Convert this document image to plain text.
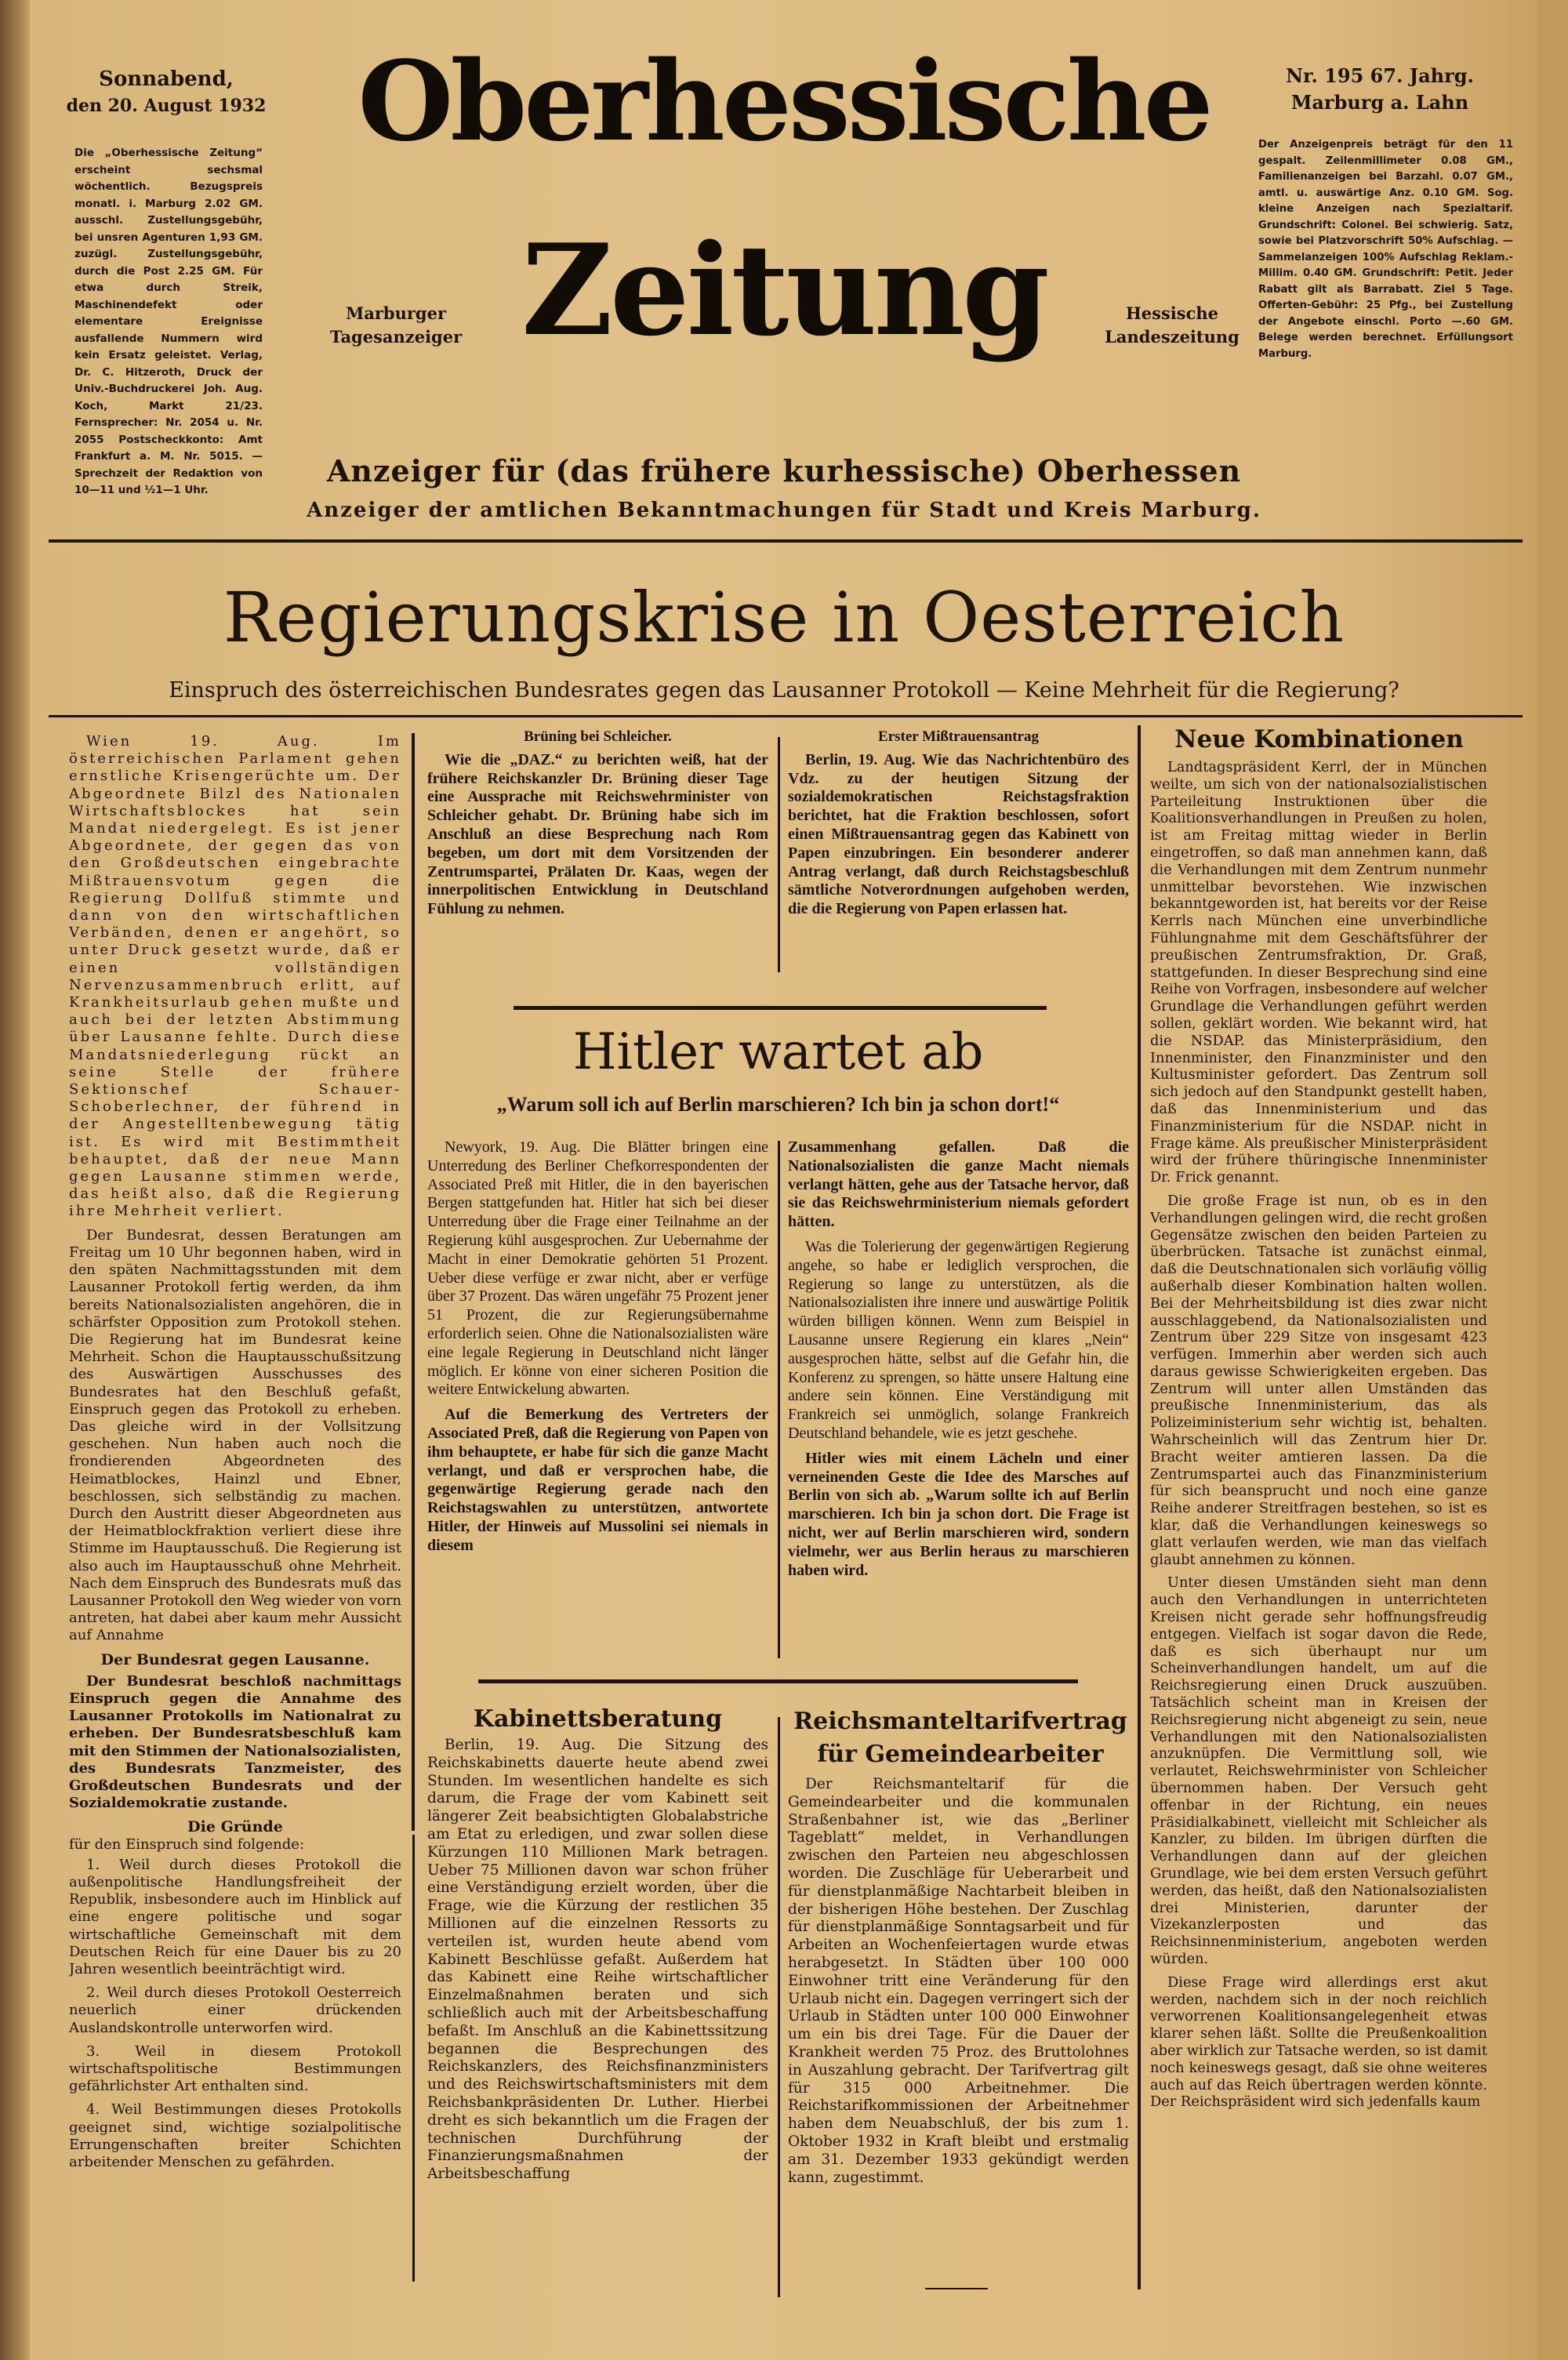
Sonnabend,
den 20. August 1932
Die „Oberhessische Zeitung“ erscheint sechsmal wöchentlich. Bezugspreis monatl. i. Marburg 2.02 GM. ausschl. Zustellungsgebühr, bei unsren Agenturen 1,93 GM. zuzügl. Zustellungsgebühr, durch die Post 2.25 GM. Für etwa durch Streik, Maschinendefekt oder elementare Ereignisse ausfallende Nummern wird kein Ersatz geleistet. Verlag, Dr. C. Hitzeroth, Druck der Univ.-Buchdruckerei Joh. Aug. Koch, Markt 21/23. Fernsprecher: Nr. 2054 u. Nr. 2055 Postscheckkonto: Amt Frankfurt a. M. Nr. 5015. — Sprechzeit der Redaktion von 10—11 und ½1—1 Uhr.
Oberhessische
Zeitung
Marburger
Tagesanzeiger
Hessische
Landeszeitung
Nr. 195 67. Jahrg.
Marburg a. Lahn
Der Anzeigenpreis beträgt für den 11 gespalt. Zeilenmillimeter 0.08 GM., Familienanzeigen bei Barzahl. 0.07 GM., amtl. u. auswärtige Anz. 0.10 GM. Sog. kleine Anzeigen nach Spezialtarif. Grundschrift: Colonel. Bei schwierig. Satz, sowie bei Platzvorschrift 50% Aufschlag. — Sammelanzeigen 100% Aufschlag Reklam.-Millim. 0.40 GM. Grundschrift: Petit. Jeder Rabatt gilt als Barrabatt. Ziel 5 Tage. Offerten-Gebühr: 25 Pfg., bei Zustellung der Angebote einschl. Porto —.60 GM. Belege werden berechnet. Erfüllungsort Marburg.
Anzeiger für (das frühere kurhessische) Oberhessen
Anzeiger der amtlichen Bekanntmachungen für Stadt und Kreis Marburg.
Regierungskrise in Oesterreich
Einspruch des österreichischen Bundesrates gegen das Lausanner Protokoll — Keine Mehrheit für die Regierung?

Wien 19. Aug. Im österreichischen Parlament gehen ernstliche Krisengerüchte um. Der Abgeordnete Bilzl des Nationalen Wirtschaftsblockes hat sein Mandat niedergelegt. Es ist jener Abgeordnete, der gegen das von den Großdeutschen eingebrachte Mißtrauensvotum gegen die Regierung Dollfuß stimmte und dann von den wirtschaftlichen Verbänden, denen er angehört, so unter Druck gesetzt wurde, daß er einen vollständigen Nervenzusammenbruch erlitt, auf Krankheitsurlaub gehen mußte und auch bei der letzten Abstimmung über Lausanne fehlte. Durch diese Mandatsniederlegung rückt an seine Stelle der frühere Sektionschef Schauer-Schoberlechner, der führend in der Angestelltenbewegung tätig ist. Es wird mit Bestimmtheit behauptet, daß der neue Mann gegen Lausanne stimmen werde, das heißt also, daß die Regierung ihre Mehrheit verliert.

Der Bundesrat, dessen Beratungen am Freitag um 10 Uhr begonnen haben, wird in den späten Nachmittagsstunden mit dem Lausanner Protokoll fertig werden, da ihm bereits Nationalsozialisten angehören, die in schärfster Opposition zum Protokoll stehen. Die Regierung hat im Bundesrat keine Mehrheit. Schon die Hauptausschußsitzung des Auswärtigen Ausschusses des Bundesrates hat den Beschluß gefaßt, Einspruch gegen das Protokoll zu erheben. Das gleiche wird in der Vollsitzung geschehen. Nun haben auch noch die frondierenden Abgeordneten des Heimatblockes, Hainzl und Ebner, beschlossen, sich selbständig zu machen. Durch den Austritt dieser Abgeordneten aus der Heimatblockfraktion verliert diese ihre Stimme im Hauptausschuß. Die Regierung ist also auch im Hauptausschuß ohne Mehrheit. Nach dem Einspruch des Bundesrats muß das Lausanner Protokoll den Weg wieder von vorn antreten, hat dabei aber kaum mehr Aussicht auf Annahme

Der Bundesrat gegen Lausanne.

Der Bundesrat beschloß nachmittags Einspruch gegen die Annahme des Lausanner Protokolls im Nationalrat zu erheben. Der Bundesratsbeschluß kam mit den Stimmen der Nationalsozialisten, des Bundesrats Tanzmeister, des Großdeutschen Bundesrats und der Sozialdemokratie zustande.

Die Gründe
für den Einspruch sind folgende:

1. Weil durch dieses Protokoll die außenpolitische Handlungsfreiheit der Republik, insbesondere auch im Hinblick auf eine engere politische und sogar wirtschaftliche Gemeinschaft mit dem Deutschen Reich für eine Dauer bis zu 20 Jahren wesentlich beeinträchtigt wird.

2. Weil durch dieses Protokoll Oesterreich neuerlich einer drückenden Auslandskontrolle unterworfen wird.

3. Weil in diesem Protokoll wirtschaftspolitische Bestimmungen gefährlichster Art enthalten sind.

4. Weil Bestimmungen dieses Protokolls geeignet sind, wichtige sozialpolitische Errungenschaften breiter Schichten arbeitender Menschen zu gefährden.

Brüning bei Schleicher.

Wie die „DAZ.“ zu berichten weiß, hat der frühere Reichskanzler Dr. Brüning dieser Tage eine Aussprache mit Reichswehrminister von Schleicher gehabt. Dr. Brüning habe sich im Anschluß an diese Besprechung nach Rom begeben, um dort mit dem Vorsitzenden der Zentrumspartei, Prälaten Dr. Kaas, wegen der innerpolitischen Entwicklung in Deutschland Fühlung zu nehmen.

Erster Mißtrauensantrag

Berlin, 19. Aug. Wie das Nachrichtenbüro des Vdz. zu der heutigen Sitzung der sozialdemokratischen Reichstagsfraktion berichtet, hat die Fraktion beschlossen, sofort einen Mißtrauensantrag gegen das Kabinett von Papen einzubringen. Ein besonderer anderer Antrag verlangt, daß durch Reichstagsbeschluß sämtliche Notverordnungen aufgehoben werden, die die Regierung von Papen erlassen hat.

Hitler wartet ab
„Warum soll ich auf Berlin marschieren? Ich bin ja schon dort!“

Newyork, 19. Aug. Die Blätter bringen eine Unterredung des Berliner Chefkorrespondenten der Associated Preß mit Hitler, die in den bayerischen Bergen stattgefunden hat. Hitler hat sich bei dieser Unterredung über die Frage einer Teilnahme an der Regierung kühl ausgesprochen. Zur Uebernahme der Macht in einer Demokratie gehörten 51 Prozent. Ueber diese verfüge er zwar nicht, aber er verfüge über 37 Prozent. Das wären ungefähr 75 Prozent jener 51 Prozent, die zur Regierungsübernahme erforderlich seien. Ohne die Nationalsozialisten wäre eine legale Regierung in Deutschland nicht länger möglich. Er könne von einer sicheren Position die weitere Entwickelung abwarten.

Auf die Bemerkung des Vertreters der Associated Preß, daß die Regierung von Papen von ihm behauptete, er habe für sich die ganze Macht verlangt, und daß er versprochen habe, die gegenwärtige Regierung gerade nach den Reichstagswahlen zu unterstützen, antwortete Hitler, der Hinweis auf Mussolini sei niemals in diesem

Zusammenhang gefallen. Daß die Nationalsozialisten die ganze Macht niemals verlangt hätten, gehe aus der Tatsache hervor, daß sie das Reichswehrministerium niemals gefordert hätten.

Was die Tolerierung der gegenwärtigen Regierung angehe, so habe er lediglich versprochen, die Regierung so lange zu unterstützen, als die Nationalsozialisten ihre innere und auswärtige Politik würden billigen können. Wenn zum Beispiel in Lausanne unsere Regierung ein klares „Nein“ ausgesprochen hätte, selbst auf die Gefahr hin, die Konferenz zu sprengen, so hätte unsere Haltung eine andere sein können. Eine Verständigung mit Frankreich sei unmöglich, solange Frankreich Deutschland behandele, wie es jetzt geschehe.

Hitler wies mit einem Lächeln und einer verneinenden Geste die Idee des Marsches auf Berlin von sich ab. „Warum sollte ich auf Berlin marschieren. Ich bin ja schon dort. Die Frage ist nicht, wer auf Berlin marschieren wird, sondern vielmehr, wer aus Berlin heraus zu marschieren haben wird.

Kabinettsberatung

Berlin, 19. Aug. Die Sitzung des Reichskabinetts dauerte heute abend zwei Stunden. Im wesentlichen handelte es sich darum, die Frage der vom Kabinett seit längerer Zeit beabsichtigten Globalabstriche am Etat zu erledigen, und zwar sollen diese Kürzungen 110 Millionen Mark betragen. Ueber 75 Millionen davon war schon früher eine Verständigung erzielt worden, über die Frage, wie die Kürzung der restlichen 35 Millionen auf die einzelnen Ressorts zu verteilen ist, wurden heute abend vom Kabinett Beschlüsse gefaßt. Außerdem hat das Kabinett eine Reihe wirtschaftlicher Einzelmaßnahmen beraten und sich schließlich auch mit der Arbeitsbeschaffung befaßt. Im Anschluß an die Kabinettssitzung begannen die Besprechungen des Reichskanzlers, des Reichsfinanzministers und des Reichswirtschaftsministers mit dem Reichsbankpräsidenten Dr. Luther. Hierbei dreht es sich bekanntlich um die Fragen der technischen Durchführung der Finanzierungsmaßnahmen der Arbeitsbeschaffung

Reichsmanteltarifvertrag für Gemeindearbeiter

Der Reichsmanteltarif für die Gemeindearbeiter und die kommunalen Straßenbahner ist, wie das „Berliner Tageblatt“ meldet, in Verhandlungen zwischen den Parteien neu abgeschlossen worden. Die Zuschläge für Ueberarbeit und für dienstplanmäßige Nachtarbeit bleiben in der bisherigen Höhe bestehen. Der Zuschlag für dienstplanmäßige Sonntagsarbeit und für Arbeiten an Wochenfeiertagen wurde etwas herabgesetzt. In Städten über 100 000 Einwohner tritt eine Veränderung für den Urlaub nicht ein. Dagegen verringert sich der Urlaub in Städten unter 100 000 Einwohner um ein bis drei Tage. Für die Dauer der Krankheit werden 75 Proz. des Bruttolohnes in Auszahlung gebracht. Der Tarifvertrag gilt für 315 000 Arbeitnehmer. Die Reichstarifkommissionen der Arbeitnehmer haben dem Neuabschluß, der bis zum 1. Oktober 1932 in Kraft bleibt und erstmalig am 31. Dezember 1933 gekündigt werden kann, zugestimmt.

Neue Kombinationen

Landtagspräsident Kerrl, der in München weilte, um sich von der nationalsozialistischen Parteileitung Instruktionen über die Koalitionsverhandlungen in Preußen zu holen, ist am Freitag mittag wieder in Berlin eingetroffen, so daß man annehmen kann, daß die Verhandlungen mit dem Zentrum nunmehr unmittelbar bevorstehen. Wie inzwischen bekanntgeworden ist, hat bereits vor der Reise Kerrls nach München eine unverbindliche Fühlungnahme mit dem Geschäftsführer der preußischen Zentrumsfraktion, Dr. Graß, stattgefunden. In dieser Besprechung sind eine Reihe von Vorfragen, insbesondere auf welcher Grundlage die Verhandlungen geführt werden sollen, geklärt worden. Wie bekannt wird, hat die NSDAP. das Ministerpräsidium, den Innenminister, den Finanzminister und den Kultusminister gefordert. Das Zentrum soll sich jedoch auf den Standpunkt gestellt haben, daß das Innenministerium und das Finanzministerium für die NSDAP. nicht in Frage käme. Als preußischer Ministerpräsident wird der frühere thüringische Innenminister Dr. Frick genannt.

Die große Frage ist nun, ob es in den Verhandlungen gelingen wird, die recht großen Gegensätze zwischen den beiden Parteien zu überbrücken. Tatsache ist zunächst einmal, daß die Deutschnationalen sich vorläufig völlig außerhalb dieser Kombination halten wollen. Bei der Mehrheitsbildung ist dies zwar nicht ausschlaggebend, da Nationalsozialisten und Zentrum über 229 Sitze von insgesamt 423 verfügen. Immerhin aber werden sich auch daraus gewisse Schwierigkeiten ergeben. Das Zentrum will unter allen Umständen das preußische Innenministerium, das als Polizeiministerium sehr wichtig ist, behalten. Wahrscheinlich will das Zentrum hier Dr. Bracht weiter amtieren lassen. Da die Zentrumspartei auch das Finanzministerium für sich beansprucht und noch eine ganze Reihe anderer Streitfragen bestehen, so ist es klar, daß die Verhandlungen keineswegs so glatt verlaufen werden, wie man das vielfach glaubt annehmen zu können.

Unter diesen Umständen sieht man denn auch den Verhandlungen in unterrichteten Kreisen nicht gerade sehr hoffnungsfreudig entgegen. Vielfach ist sogar davon die Rede, daß es sich überhaupt nur um Scheinverhandlungen handelt, um auf die Reichsregierung einen Druck auszuüben. Tatsächlich scheint man in Kreisen der Reichsregierung nicht abgeneigt zu sein, neue Verhandlungen mit den Nationalsozialisten anzuknüpfen. Die Vermittlung soll, wie verlautet, Reichswehrminister von Schleicher übernommen haben. Der Versuch geht offenbar in der Richtung, ein neues Präsidialkabinett, vielleicht mit Schleicher als Kanzler, zu bilden. Im übrigen dürften die Verhandlungen dann auf der gleichen Grundlage, wie bei dem ersten Versuch geführt werden, das heißt, daß den Nationalsozialisten drei Ministerien, darunter der Vizekanzlerposten und das Reichsinnenministerium, angeboten werden würden.

Diese Frage wird allerdings erst akut werden, nachdem sich in der noch reichlich verworrenen Koalitionsangelegenheit etwas klarer sehen läßt. Sollte die Preußenkoalition aber wirklich zur Tatsache werden, so ist damit noch keineswegs gesagt, daß sie ohne weiteres auch auf das Reich übertragen werden könnte. Der Reichspräsident wird sich jedenfalls kaum
